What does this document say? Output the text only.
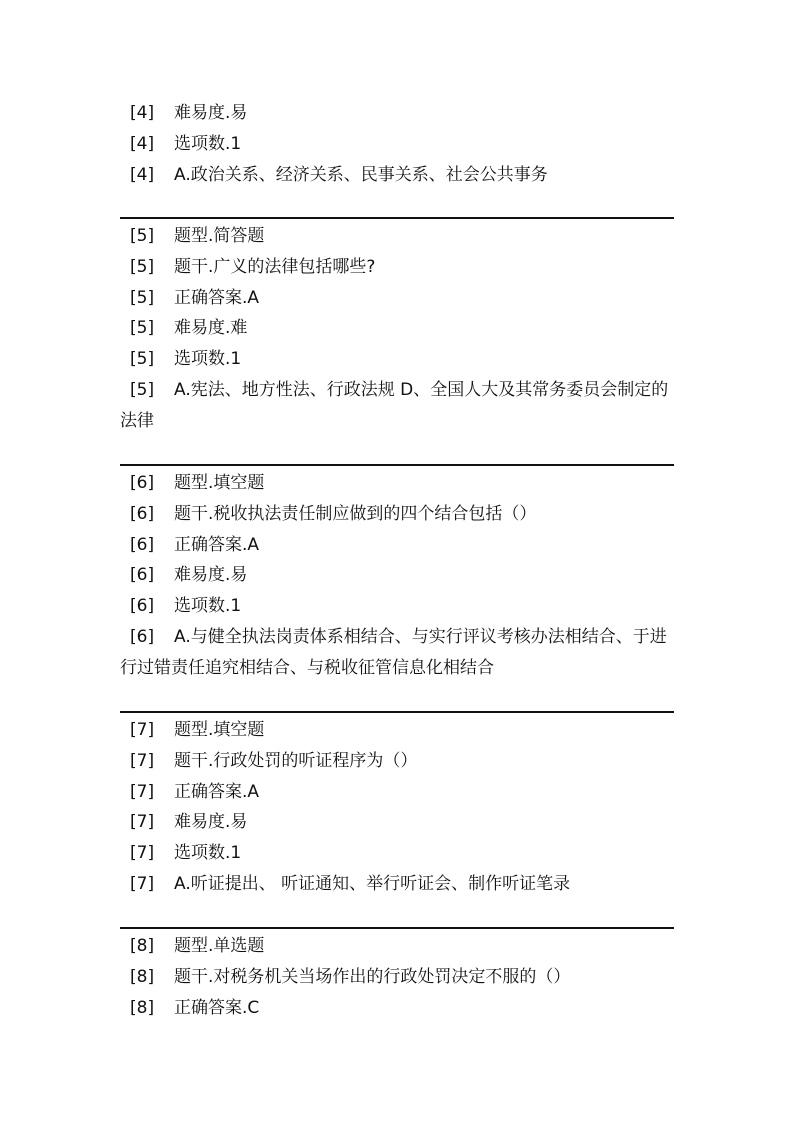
[4] 难易度.易
[4] 选项数.1
[4] A.政治关系、经济关系、民事关系、社会公共事务
[5] 题型.简答题
[5] 题干.广义的法律包括哪些?
[5] 正确答案.A
[5] 难易度.难
[5] 选项数.1
[5] A.宪法、地方性法、行政法规 D、全国人大及其常务委员会制定的法律
[6] 题型.填空题
[6] 题干.税收执法责任制应做到的四个结合包括（）
[6] 正确答案.A
[6] 难易度.易
[6] 选项数.1
[6] A.与健全执法岗责体系相结合、与实行评议考核办法相结合、于进行过错责任追究相结合、与税收征管信息化相结合
[7] 题型.填空题
[7] 题干.行政处罚的听证程序为（）
[7] 正确答案.A
[7] 难易度.易
[7] 选项数.1
[7] A.听证提出、 听证通知、举行听证会、制作听证笔录
[8] 题型.单选题
[8] 题干.对税务机关当场作出的行政处罚决定不服的（）
[8] 正确答案.C
